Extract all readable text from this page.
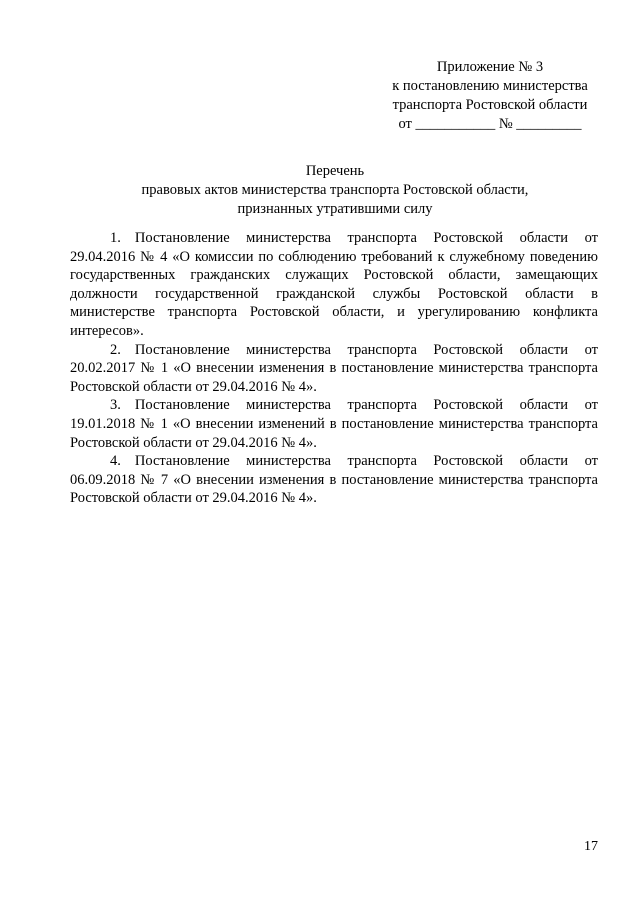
Приложение № 3
к постановлению министерства
транспорта Ростовской области
от ___________ № _________
Перечень
правовых актов министерства транспорта Ростовской области,
признанных утратившими силу

1. Постановление министерства транспорта Ростовской области от 29.04.2016 № 4 «О комиссии по соблюдению требований к служебному поведению государственных гражданских служащих Ростовской области, замещающих должности государственной гражданской службы Ростовской области в министерстве транспорта Ростовской области, и урегулированию конфликта интересов».

2. Постановление министерства транспорта Ростовской области от 20.02.2017 № 1 «О внесении изменения в постановление министерства транспорта Ростовской области от 29.04.2016 № 4».

3. Постановление министерства транспорта Ростовской области от 19.01.2018 № 1 «О внесении изменений в постановление министерства транспорта Ростовской области от 29.04.2016 № 4».

4. Постановление министерства транспорта Ростовской области от 06.09.2018 № 7 «О внесении изменения в постановление министерства транспорта Ростовской области от 29.04.2016 № 4».

17
